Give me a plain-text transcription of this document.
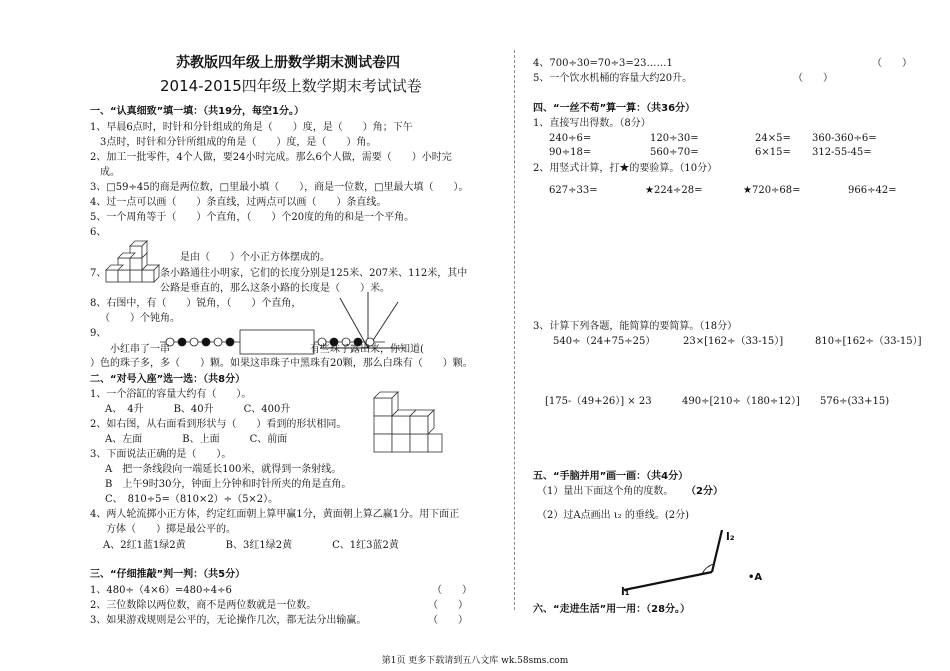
苏教版四年级上册数学期末测试卷四
2014-2015四年级上数学期末考试试卷
一、“认真细致”填一填：（共19分，每空1分。）
1、早晨6点时，时针和分针组成的角是（　　）度，是（　　）角；下午
3点时，时针和分针所组成的角是（　　）度，是（　　）角。
2、加工一批零件，4个人做，要24小时完成。那么6个人做，需要（　　）小时完
成。
3、□59÷45的商是两位数，□里最小填（　　），商是一位数，□里最大填（　　）。
4、过一点可以画（　　）条直线，过两点可以画（　　）条直线。
5、一个周角等于（　　）个直角，（　　）个20度的角的和是一个平角。
6、
是由（　　）个小正方体摆成的。
7、	条小路通往小明家，它们的长度分别是125米、207米、112米，其中
公路是垂直的，那么这条小路的长度是（　　）米。
8、右图中，有（　　）锐角，（　　）个直角，
（　　）个钝角。
9、
小红串了一串	有些珠子露出来，你知道(
）色的珠子多，多（　　）颗。如果这串珠子中黑珠有20颗，那么白珠有（　　）颗。
二、“对号入座”选一选：（共8分）
1、一个浴缸的容量大约有（　　）。
A、　4升　　　B、40升　　　C、400升
2、如右图，从右面看到形状与（　　）看到的形状相同。
A、左面　　　　B、上面　　　C、前面
3、下面说法正确的是（　　）。
A　把一条线段向一端延长100米，就得到一条射线。
B　上午9时30分，钟面上分钟和时针所夹的角是直角。
C、　810÷5=（810×2）÷（5×2）。
4、两人轮流掷小正方体，约定红面朝上算甲赢1分，黄面朝上算乙赢1分。用下面正
方体（　　）掷是最公平的。
A、2红1蓝1绿2黄　　　　B、3红1绿2黄　　　　C、1红3蓝2黄
三、“仔细推敲”判一判：（共5分）
1、480÷（4×6）=480÷4÷6	（　　）
2、三位数除以两位数，商不是两位数就是一位数。	（　　）
3、如果游戏规则是公平的，无论操作几次，都无法分出输赢。	（　　）
4、700÷30=70÷3=23……1	（　　）
5、一个饮水机桶的容量大约20升。	（　　）
四、“一丝不苟”算一算：（共36分）
1、直接写出得数。（8分）
240÷6=	120÷30=	24×5= 360-360÷6=
90÷18=	560÷70=	6×15= 312-55-45=
2、用竖式计算，打★的要验算。（10分）
627÷33=	★224÷28=	★720÷68=	966÷42=
3、计算下列各题，能简算的要简算。（18分）
540÷（24+75÷25）	23×[162÷（33-15）]	810÷[162÷（33-15）]
[175-（49+26）] × 23	490÷[210÷（180÷12）] 576÷(33+15)
五、“手脑并用”画一画：（共4分）
（1）量出下面这个角的度数。 （2分）
（2）过A点画出 ι₂ 的垂线。(2分)
l₂
l₁
•A
六、“走进生活”用一用：（28分。）
第1页 更多下载请到五八文库 wk.58sms.com
